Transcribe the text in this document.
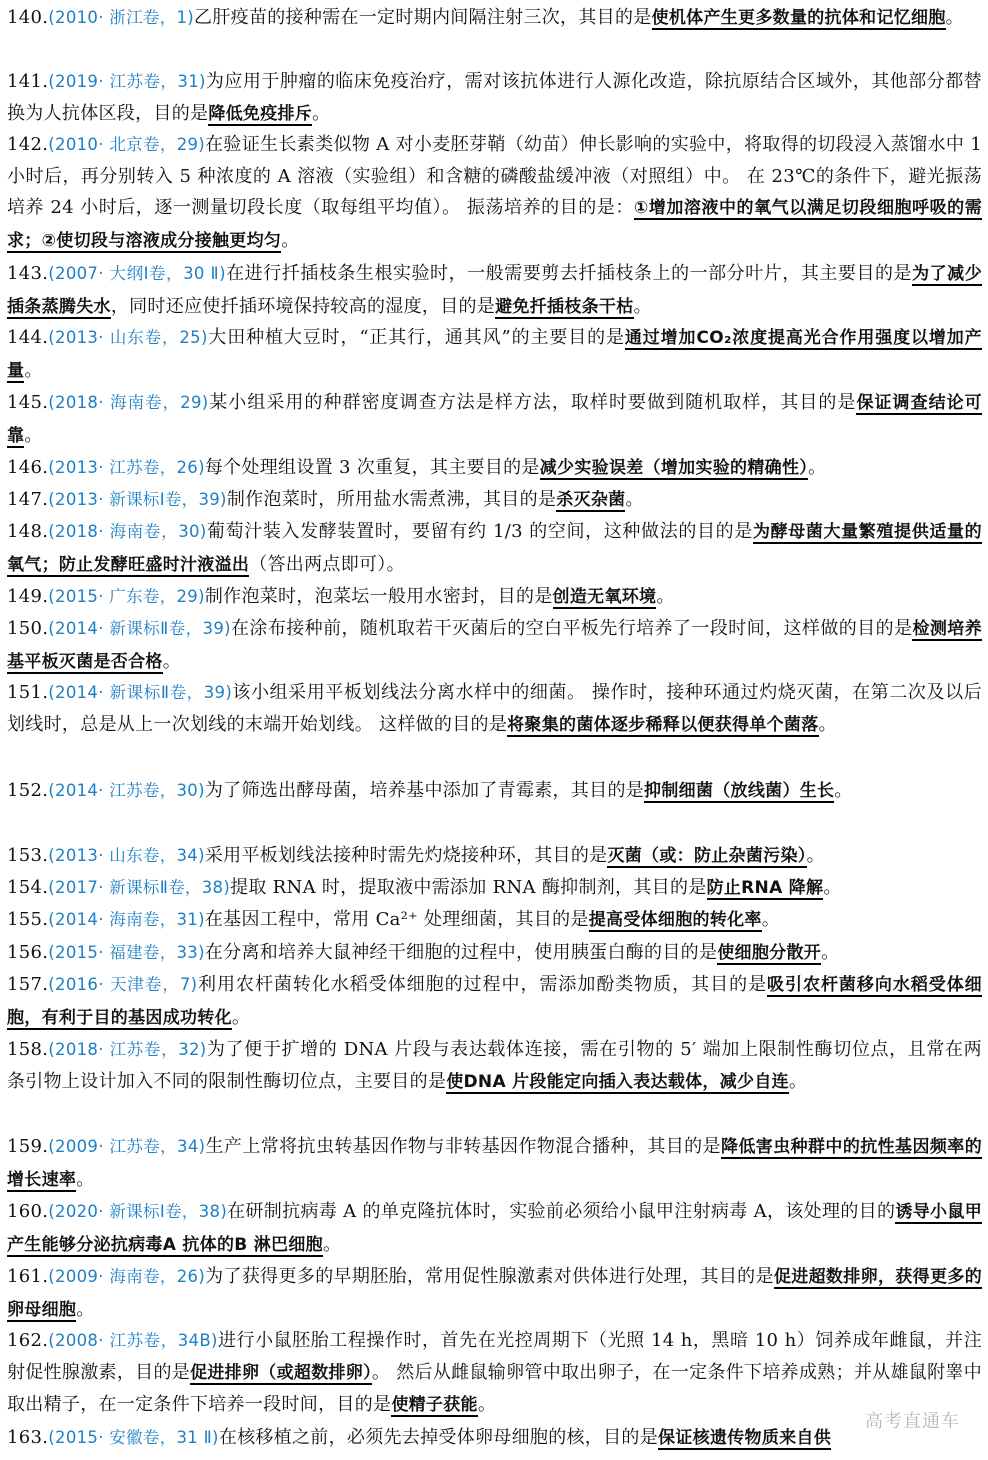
140.(2010· 浙江卷，1)乙肝疫苗的接种需在一定时期内间隔注射三次，其目的是使机体产生更多数量的抗体和记忆细胞。
141.(2019· 江苏卷，31)为应用于肿瘤的临床免疫治疗，需对该抗体进行人源化改造，除抗原结合区域外，其他部分都替换为人抗体区段，目的是降低免疫排斥。
142.(2010· 北京卷，29)在验证生长素类似物 A 对小麦胚芽鞘（幼苗）伸长影响的实验中，将取得的切段浸入蒸馏水中 1 小时后，再分别转入 5 种浓度的 A 溶液（实验组）和含糖的磷酸盐缓冲液（对照组）中。 在 23℃的条件下，避光振荡培养 24 小时后，逐一测量切段长度（取每组平均值）。 振荡培养的目的是：①增加溶液中的氧气以满足切段细胞呼吸的需求；②使切段与溶液成分接触更均匀。
143.(2007· 大纲Ⅰ卷，30 Ⅱ)在进行扦插枝条生根实验时，一般需要剪去扦插枝条上的一部分叶片，其主要目的是为了减少插条蒸腾失水，同时还应使扦插环境保持较高的湿度，目的是避免扦插枝条干枯。
144.(2013· 山东卷，25)大田种植大豆时，“正其行，通其风”的主要目的是通过增加CO₂浓度提高光合作用强度以增加产量。
145.(2018· 海南卷，29)某小组采用的种群密度调查方法是样方法，取样时要做到随机取样，其目的是保证调查结论可靠。
146.(2013· 江苏卷，26)每个处理组设置 3 次重复，其主要目的是减少实验误差（增加实验的精确性）。
147.(2013· 新课标Ⅰ卷，39)制作泡菜时，所用盐水需煮沸，其目的是杀灭杂菌。
148.(2018· 海南卷，30)葡萄汁装入发酵装置时，要留有约 1/3 的空间，这种做法的目的是为酵母菌大量繁殖提供适量的氧气；防止发酵旺盛时汁液溢出（答出两点即可）。
149.(2015· 广东卷，29)制作泡菜时，泡菜坛一般用水密封，目的是创造无氧环境。
150.(2014· 新课标Ⅱ卷，39)在涂布接种前，随机取若干灭菌后的空白平板先行培养了一段时间，这样做的目的是检测培养基平板灭菌是否合格。
151.(2014· 新课标Ⅱ卷，39)该小组采用平板划线法分离水样中的细菌。 操作时，接种环通过灼烧灭菌，在第二次及以后划线时，总是从上一次划线的末端开始划线。 这样做的目的是将聚集的菌体逐步稀释以便获得单个菌落。
152.(2014· 江苏卷，30)为了筛选出酵母菌，培养基中添加了青霉素，其目的是抑制细菌（放线菌）生长。
153.(2013· 山东卷，34)采用平板划线法接种时需先灼烧接种环，其目的是灭菌（或：防止杂菌污染）。
154.(2017· 新课标Ⅱ卷，38)提取 RNA 时，提取液中需添加 RNA 酶抑制剂，其目的是防止RNA 降解。
155.(2014· 海南卷，31)在基因工程中，常用 Ca²⁺ 处理细菌，其目的是提高受体细胞的转化率。
156.(2015· 福建卷，33)在分离和培养大鼠神经干细胞的过程中，使用胰蛋白酶的目的是使细胞分散开。
157.(2016· 天津卷，7)利用农杆菌转化水稻受体细胞的过程中，需添加酚类物质，其目的是吸引农杆菌移向水稻受体细胞，有利于目的基因成功转化。
158.(2018· 江苏卷，32)为了便于扩增的 DNA 片段与表达载体连接，需在引物的 5′ 端加上限制性酶切位点，且常在两条引物上设计加入不同的限制性酶切位点，主要目的是使DNA 片段能定向插入表达载体，减少自连。
159.(2009· 江苏卷，34)生产上常将抗虫转基因作物与非转基因作物混合播种，其目的是降低害虫种群中的抗性基因频率的增长速率。
160.(2020· 新课标Ⅰ卷，38)在研制抗病毒 A 的单克隆抗体时，实验前必须给小鼠甲注射病毒 A，该处理的目的诱导小鼠甲产生能够分泌抗病毒A 抗体的B 淋巴细胞。
161.(2009· 海南卷，26)为了获得更多的早期胚胎，常用促性腺激素对供体进行处理，其目的是促进超数排卵，获得更多的卵母细胞。
162.(2008· 江苏卷，34B)进行小鼠胚胎工程操作时，首先在光控周期下（光照 14 h，黑暗 10 h）饲养成年雌鼠，并注射促性腺激素，目的是促进排卵（或超数排卵）。 然后从雌鼠输卵管中取出卵子，在一定条件下培养成熟；并从雄鼠附睾中取出精子，在一定条件下培养一段时间，目的是使精子获能。
163.(2015· 安徽卷，31 Ⅱ)在核移植之前，必须先去掉受体卵母细胞的核，目的是保证核遗传物质来自供
高考直通车
